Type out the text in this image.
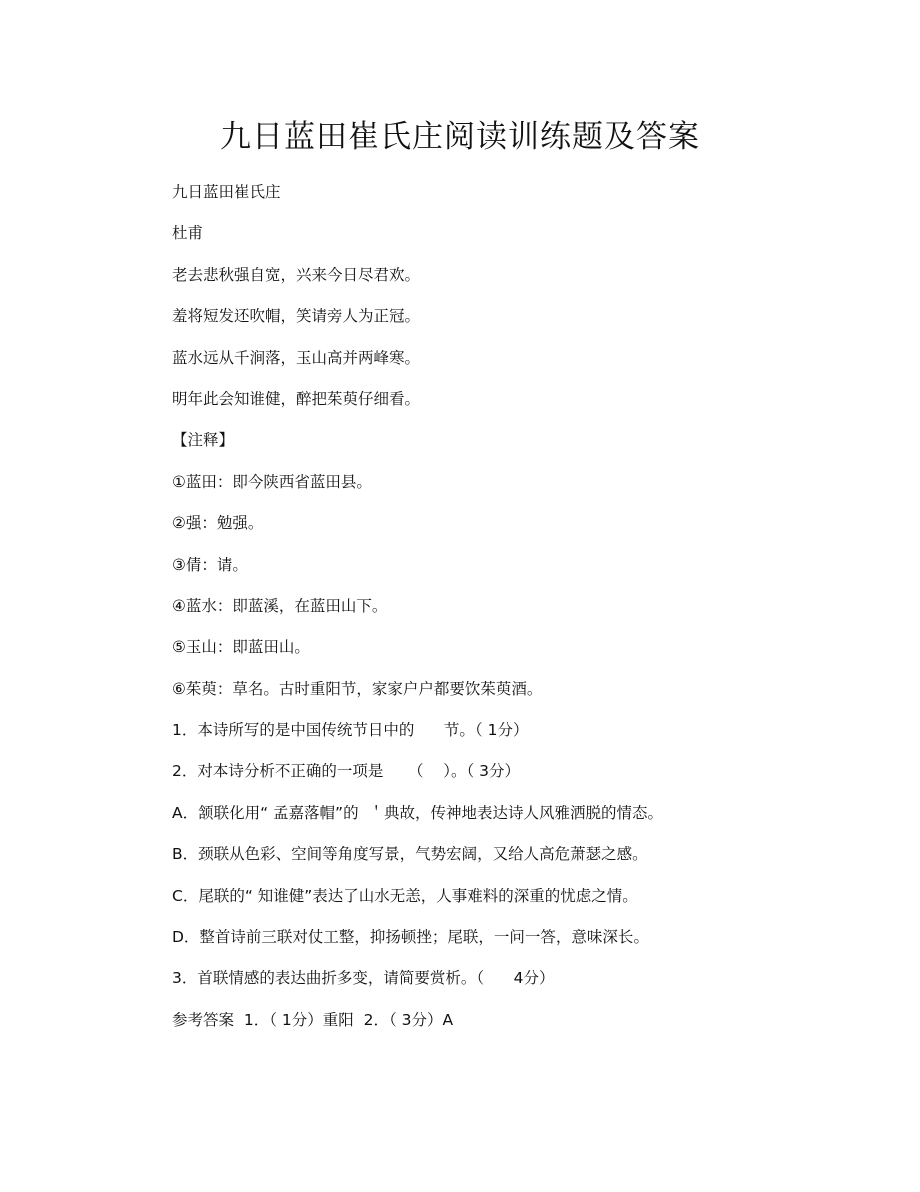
九日蓝田崔氏庄阅读训练题及答案

九日蓝田崔氏庄

杜甫

老去悲秋强自宽，兴来今日尽君欢。

羞将短发还吹帽，笑请旁人为正冠。

蓝水远从千涧落，玉山高并两峰寒。

明年此会知谁健，醉把茱萸仔细看。

【注释】

①蓝田：即今陕西省蓝田县。

②强：勉强。

③倩：请。

④蓝水：即蓝溪，在蓝田山下。

⑤玉山：即蓝田山。

⑥茱萸：草名。古时重阳节，家家户户都要饮茱萸酒。

1．本诗所写的是中国传统节日中的      节。（ 1分）

2．对本诗分析不正确的一项是     （    ）。（ 3分）

A．颔联化用“ 孟嘉落帽”的  ＇典故，传神地表达诗人风雅洒脱的情态。

B．颈联从色彩、空间等角度写景，气势宏阔，又给人高危萧瑟之感。

C．尾联的“ 知谁健”表达了山水无恙，人事难料的深重的忧虑之情。

D．整首诗前三联对仗工整，抑扬顿挫；尾联，一问一答，意味深长。

3．首联情感的表达曲折多变，请简要赏析。（      4分）

参考答案  1．（ 1分）重阳  2．（ 3分）A
